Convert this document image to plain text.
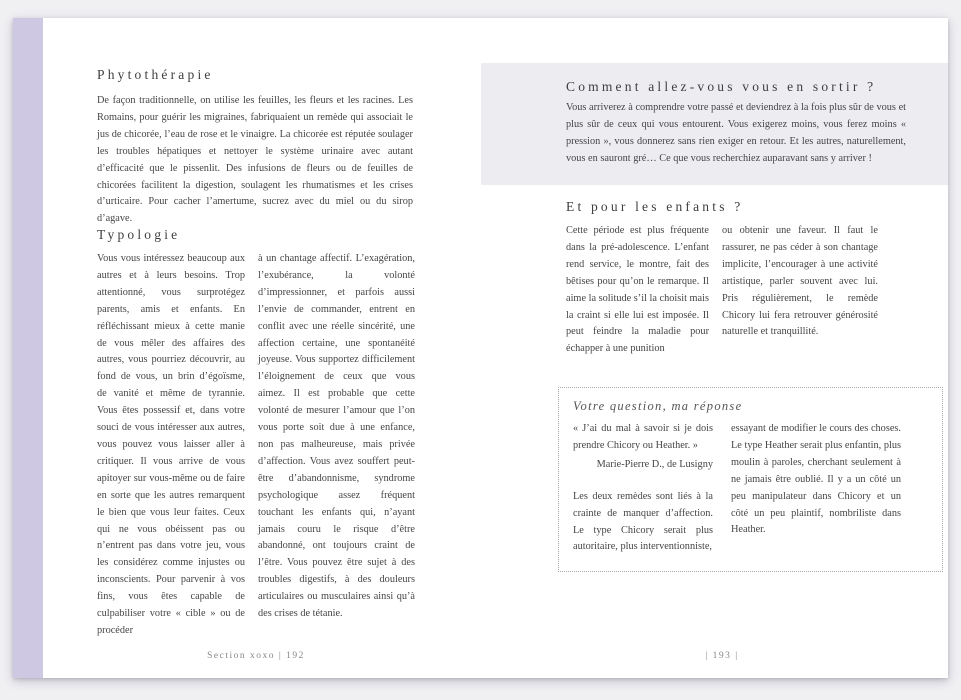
Phytothérapie
De façon traditionnelle, on utilise les feuilles, les fleurs et les racines. Les Romains, pour guérir les migraines, fabriquaient un remède qui associait le jus de chicorée, l’eau de rose et le vinaigre. La chicorée est réputée soulager les troubles hépatiques et nettoyer le système urinaire avec autant d’efficacité que le pissenlit. Des infusions de fleurs ou de feuilles de chicorées facilitent la digestion, soulagent les rhumatismes et les crises d’urticaire. Pour cacher l’amertume, sucrez avec du miel ou du sirop d’agave.
Typologie
Vous vous intéressez beaucoup aux autres et à leurs besoins. Trop attentionné, vous surprotégez parents, amis et enfants. En réfléchissant mieux à cette manie de vous mêler des affaires des autres, vous pourriez découvrir, au fond de vous, un brin d’égoïsme, de vanité et même de tyrannie. Vous êtes possessif et, dans votre souci de vous intéresser aux autres, vous pouvez vous laisser aller à critiquer. Il vous arrive de vous apitoyer sur vous-même ou de faire en sorte que les autres remarquent le bien que vous leur faites. Ceux qui ne vous obéissent pas ou n’entrent pas dans votre jeu, vous les considérez comme injustes ou inconscients. Pour parvenir à vos fins, vous êtes capable de culpabiliser votre « cible » ou de procéder
à un chantage affectif. L’exagération, l’exubérance, la volonté d’impressionner, et parfois aussi l’envie de commander, entrent en conflit avec une réelle sincérité, une affection certaine, une spontanéité joyeuse. Vous supportez difficilement l’éloignement de ceux que vous aimez. Il est probable que cette volonté de mesurer l’amour que l’on vous porte soit due à une enfance, non pas malheureuse, mais privée d’affection. Vous avez souffert peut-être d’abandonnisme, syndrome psychologique assez fréquent touchant les enfants qui, n’ayant jamais couru le risque d’être abandonné, ont toujours craint de l’être. Vous pouvez être sujet à des troubles digestifs, à des douleurs articulaires ou musculaires ainsi qu’à des crises de tétanie.
Section xoxo | 192
Comment allez-vous vous en sortir ?
Vous arriverez à comprendre votre passé et deviendrez à la fois plus sûr de vous et plus sûr de ceux qui vous entourent. Vous exigerez moins, vous ferez moins « pression », vous donnerez sans rien exiger en retour. Et les autres, naturellement, vous en sauront gré… Ce que vous recherchiez auparavant sans y arriver !
Et pour les enfants ?
Cette période est plus fréquente dans la pré-adolescence. L’enfant rend service, le montre, fait des bêtises pour qu’on le remarque. Il aime la solitude s’il la choisit mais la craint si elle lui est imposée. Il peut feindre la maladie pour échapper à une punition
ou obtenir une faveur. Il faut le rassurer, ne pas céder à son chantage implicite, l’encourager à une activité artistique, parler souvent avec lui. Pris régulièrement, le remède Chicory lui fera retrouver générosité naturelle et tranquillité.
Votre question, ma réponse
« J’ai du mal à savoir si je dois prendre Chicory ou Heather. »
Marie-Pierre D., de Lusigny
Les deux remèdes sont liés à la crainte de manquer d’affection. Le type Chicory serait plus autoritaire, plus interventionniste,
essayant de modifier le cours des choses. Le type Heather serait plus enfantin, plus moulin à paroles, cherchant seulement à ne jamais être oublié. Il y a un côté un peu manipulateur dans Chicory et un côté un peu plaintif, nombriliste dans Heather.
| 193 |
